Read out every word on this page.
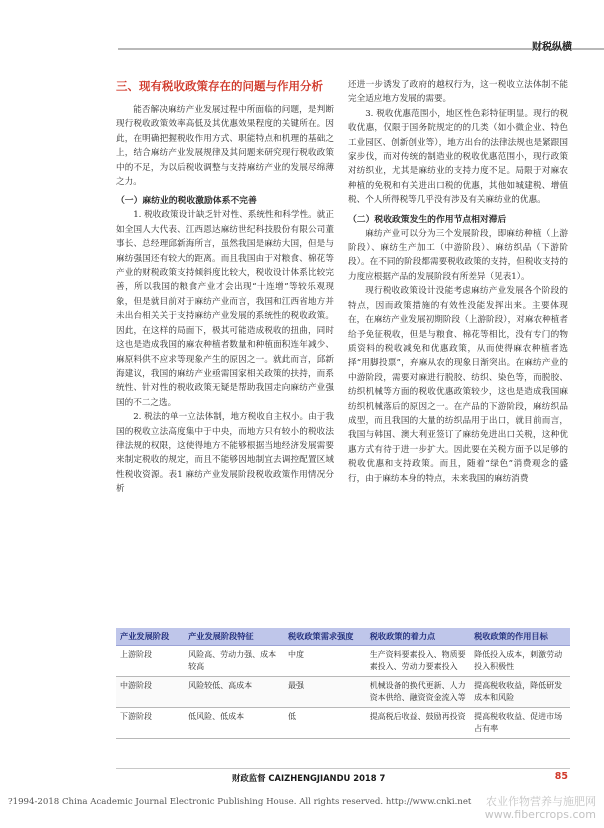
财税纵横
三、现有税收政策存在的问题与作用分析

能否解决麻纺产业发展过程中所面临的问题，是判断现行税收政策效率高低及其优惠效果程度的关键所在。因此，在明确把握税收作用方式、职能特点和机理的基础之上，结合麻纺产业发展规律及其问题来研究现行税收政策中的不足，为以后税收调整与支持麻纺产业的发展尽绵薄之力。

（一）麻纺业的税收激励体系不完善

1. 税收政策设计缺乏针对性、系统性和科学性。就正如全国人大代表、江西恩达麻纺世纪科技股份有限公司董事长、总经理邱新海所言，虽然我国是麻纺大国，但是与麻纺强国还有较大的距离。而且我国由于对粮食、棉花等产业的财税政策支持倾斜度比较大，税收设计体系比较完善，所以我国的粮食产业才会出现“十连增”等较乐观现象，但是就目前对于麻纺产业而言，我国和江西省地方并未出台相关关于支持麻纺产业发展的系统性的税收政策。因此，在这样的局面下，极其可能造成税收的扭曲，同时这也是造成我国的麻农种植者数量和种植面积连年减少、麻原料供不应求等现象产生的原因之一。就此而言，邱新海建议，我国的麻纺产业亟需国家相关政策的扶持，而系统性、针对性的税收政策无疑是帮助我国走向麻纺产业强国的不二之选。

2. 税法的单一立法体制，地方税收自主权小。由于我国的税收立法高度集中于中央，而地方只有较小的税收法律法规的权限，这使得地方不能够根据当地经济发展需要来制定税收的规定，而且不能够因地制宜去调控配置区域性税收资源。表1 麻纺产业发展阶段税收政策作用情况分析

还进一步诱发了政府的越权行为，这一税收立法体制不能完全适应地方发展的需要。

3. 税收优惠范围小，地区性色彩特征明显。现行的税收优惠，仅限于国务院规定的的几类（如小微企业、特色工业园区、创新创业等），地方出台的法律法规也是紧跟国家步伐，而对传统的制造业的税收优惠范围小，现行政策对纺织业，尤其是麻纺业的支持力度不足。局限于对麻农种植的免税和有关进出口税的优惠，其他如城建税、增值税、个人所得税等几乎没有涉及有关麻纺业的优惠。

（二）税收政策发生的作用节点相对滞后

麻纺产业可以分为三个发展阶段，即麻纺种植（上游阶段）、麻纺生产加工（中游阶段）、麻纺织品（下游阶段）。在不同的阶段都需要税收政策的支持，但税收支持的力度应根据产品的发展阶段有所差异（见表1）。

现行税收政策设计没能考虑麻纺产业发展各个阶段的特点，因而政策措施的有效性没能发挥出来。主要体现在，在麻纺产业发展初期阶段（上游阶段），对麻农种植者给予免征税收，但是与粮食、棉花等相比，没有专门的物质资料的税收减免和优惠政策，从而使得麻农种植者选择“用脚投票”，弃麻从农的现象日渐突出。在麻纺产业的中游阶段，需要对麻进行脱胶、纺织、染色等，而脱胶、纺织机械等方面的税收优惠政策较少，这也是造成我国麻纺织机械落后的原因之一。在产品的下游阶段，麻纺织品成型，而且我国的大量的纺织品用于出口，就目前而言，我国与韩国、澳大利亚签订了麻纺免进出口关税，这种优惠方式有待于进一步扩大。因此要在关税方面予以足够的税收优惠和支持政策。而且，随着“绿色”消费观念的盛行，由于麻纺本身的特点，未来我国的麻纺消费

产业发展阶段	产业发展阶段特征	税收政策需求强度	税收政策的着力点	税收政策的作用目标
上游阶段	风险高、劳动力强、成本较高	中度	生产资料要素投入、物质要素投入、劳动力要素投入	降低投入成本，刺激劳动投入积极性
中游阶段	风险较低、高成本	最强	机械设备的换代更新、人力资本供给、融资资金流入等	提高税收收益，降低研发成本和风险
下游阶段	低风险、低成本	低	提高税后收益、鼓励再投资	提高税收收益、促进市场占有率
财政监督 CAIZHENGJIANDU 2018 7	85
?1994-2018 China Academic Journal Electronic Publishing House. All rights reserved. http://www.cnki.net	农业作物营养与施肥网
www.fibercrops.com
